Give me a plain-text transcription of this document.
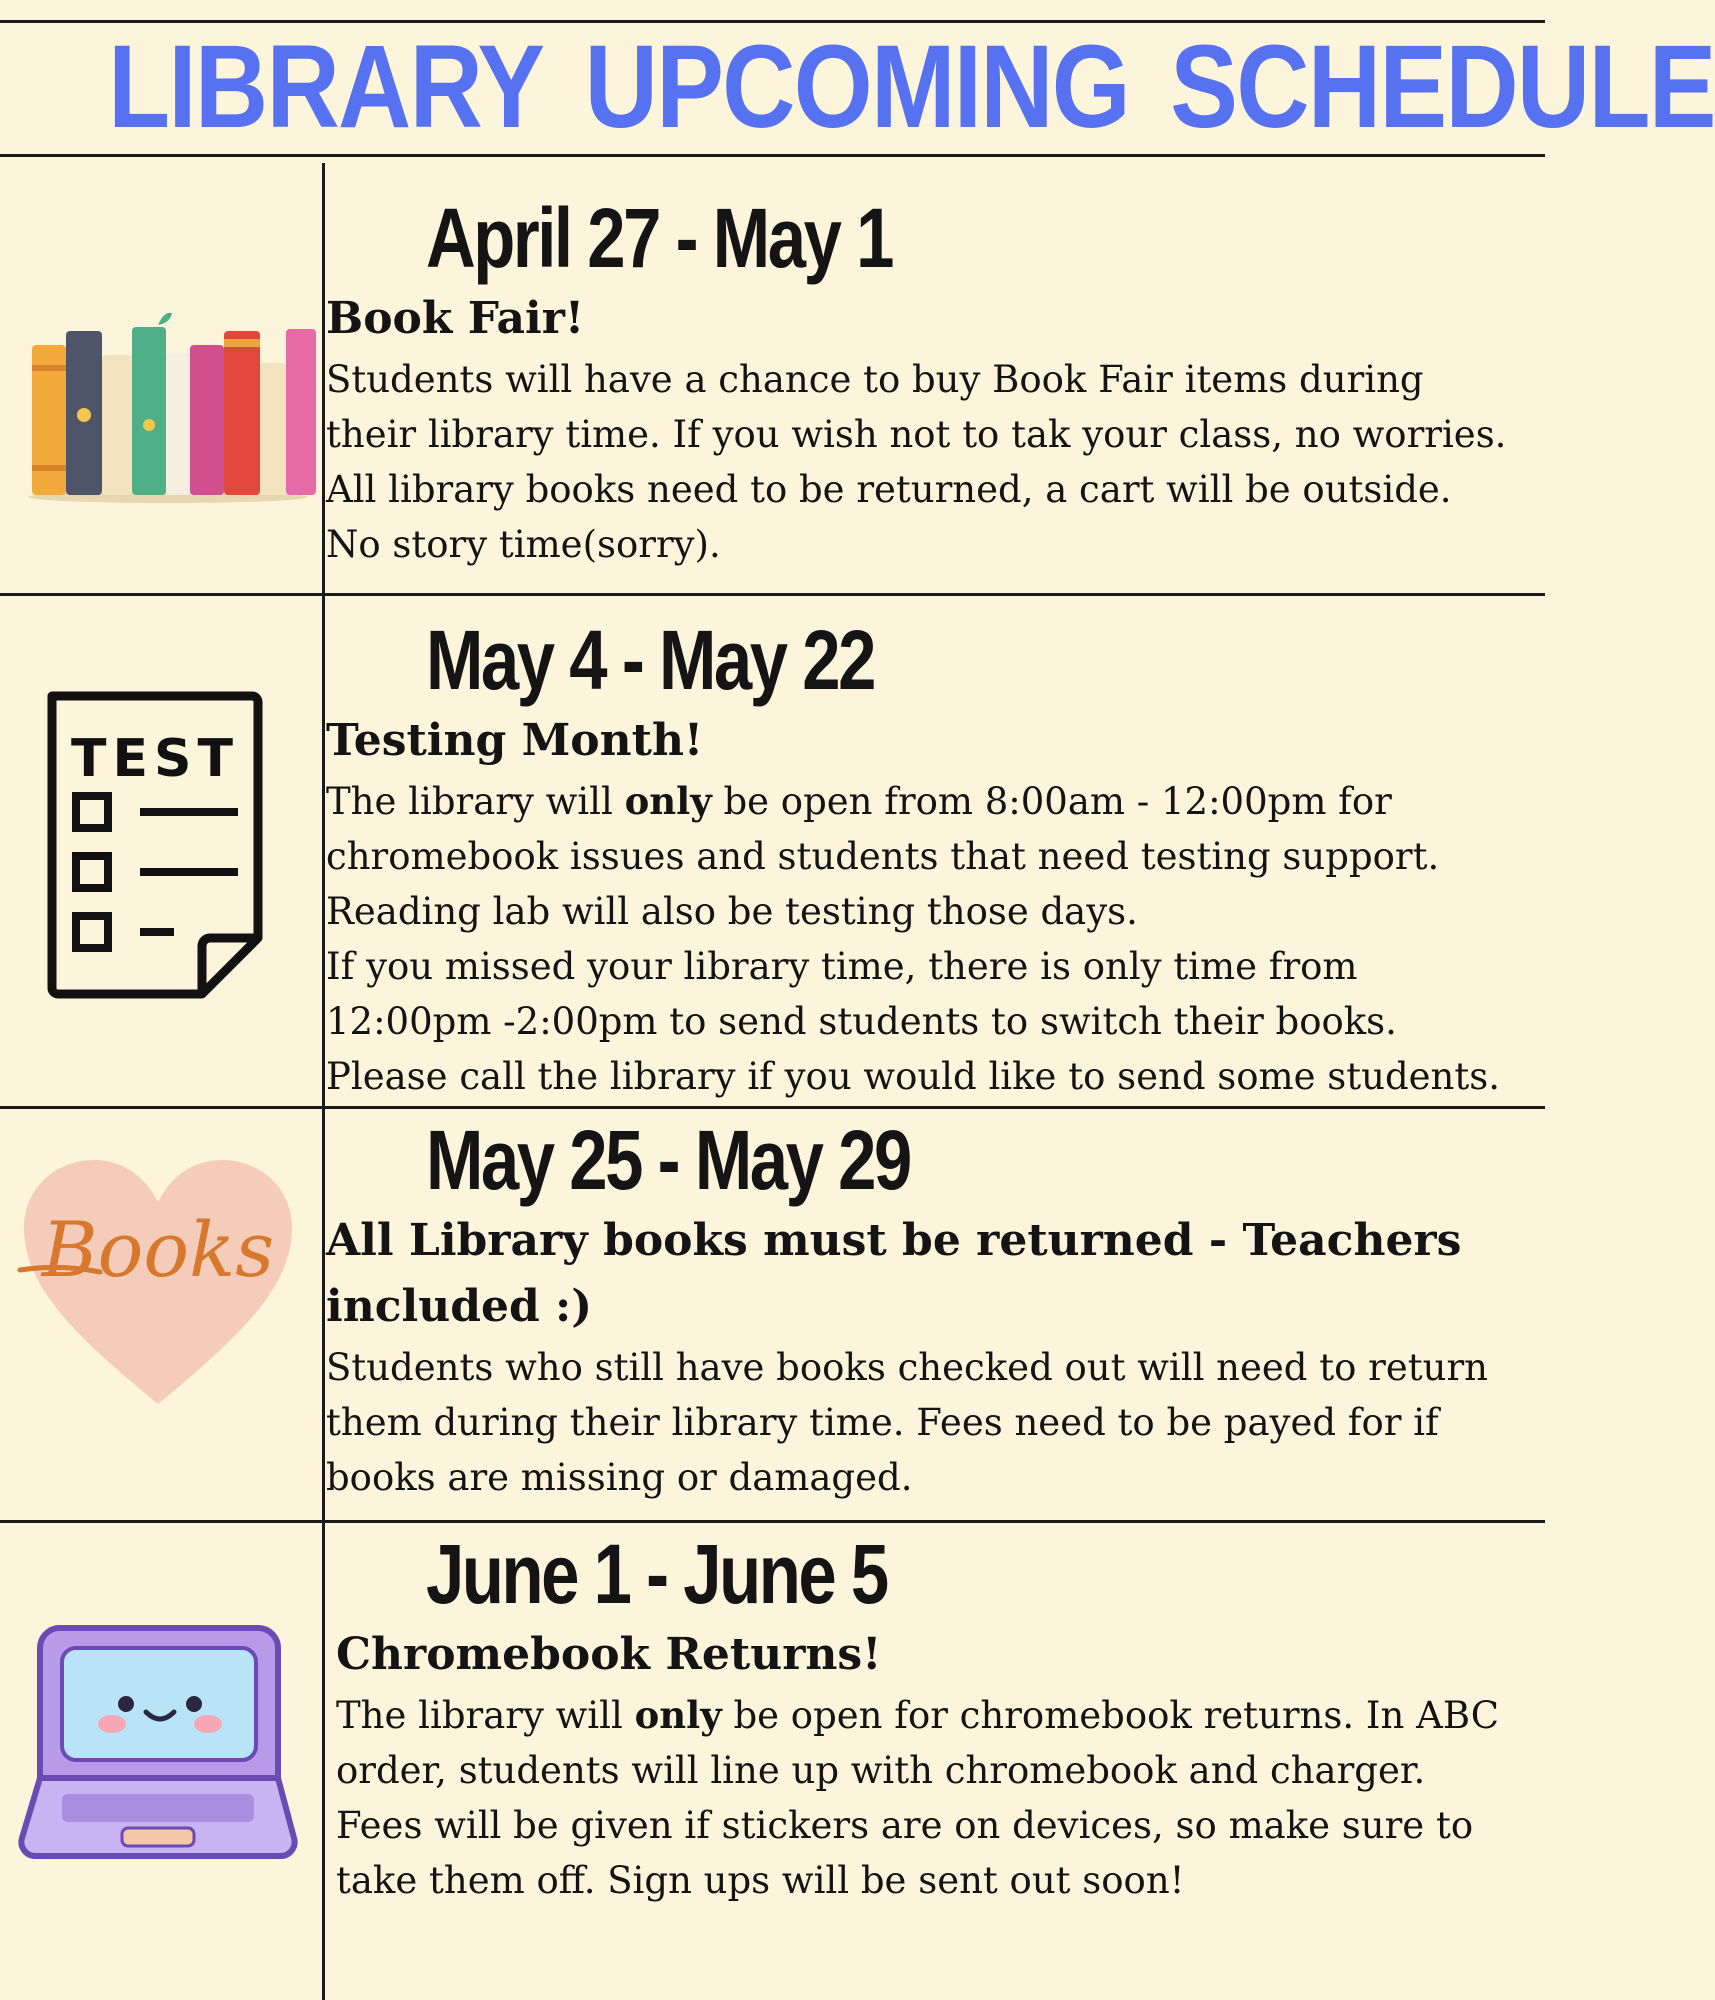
LIBRARY UPCOMING SCHEDULE
April 27 - May 1
Book Fair!

Students will have a chance to buy Book Fair items during

their library time. If you wish not to tak your class, no worries.

All library books need to be returned, a cart will be outside.

No story time(sorry).

TEST
May 4 - May 22
Testing Month!

The library will only be open from 8:00am - 12:00pm for

chromebook issues and students that need testing support.

Reading lab will also be testing those days.

If you missed your library time, there is only time from

12:00pm -2:00pm to send students to switch their books.

Please call the library if you would like to send some students.

Books
May 25 - May 29
All Library books must be returned - Teachers
included :)

Students who still have books checked out will need to return

them during their library time. Fees need to be payed for if

books are missing or damaged.

June 1 - June 5
Chromebook Returns!

The library will only be open for chromebook returns. In ABC

order, students will line up with chromebook and charger.

Fees will be given if stickers are on devices, so make sure to

take them off. Sign ups will be sent out soon!
